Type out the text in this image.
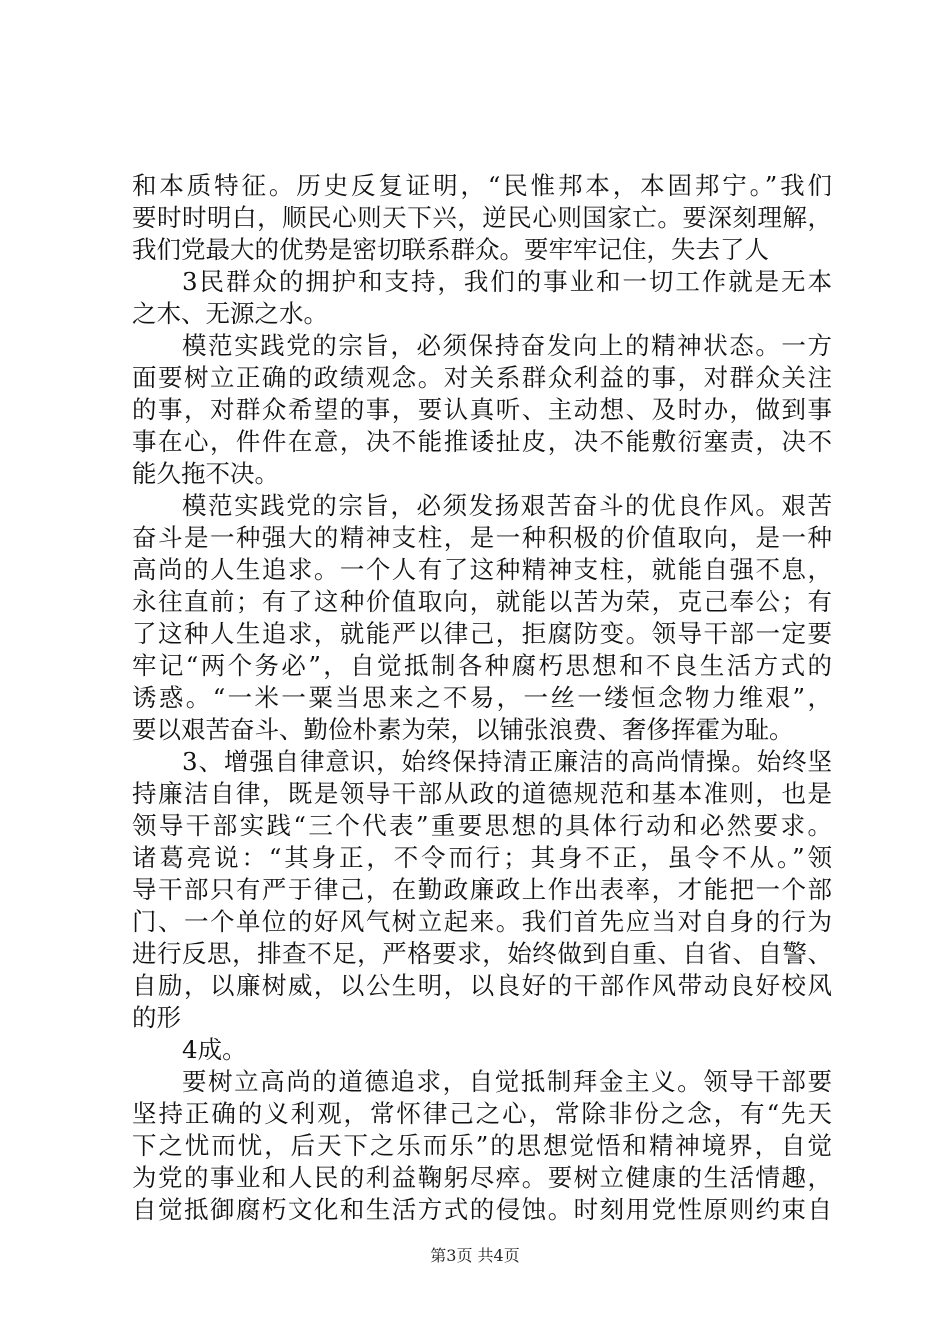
和本质特征。历史反复证明，“民惟邦本，本固邦宁。”我们
要时时明白，顺民心则天下兴，逆民心则国家亡。要深刻理解，
我们党最大的优势是密切联系群众。要牢牢记住，失去了人
3民群众的拥护和支持，我们的事业和一切工作就是无本
之木、无源之水。
模范实践党的宗旨，必须保持奋发向上的精神状态。一方
面要树立正确的政绩观念。对关系群众利益的事，对群众关注
的事，对群众希望的事，要认真听、主动想、及时办，做到事
事在心，件件在意，决不能推诿扯皮，决不能敷衍塞责，决不
能久拖不决。
模范实践党的宗旨，必须发扬艰苦奋斗的优良作风。艰苦
奋斗是一种强大的精神支柱，是一种积极的价值取向，是一种
高尚的人生追求。一个人有了这种精神支柱，就能自强不息，
永往直前；有了这种价值取向，就能以苦为荣，克己奉公；有
了这种人生追求，就能严以律己，拒腐防变。领导干部一定要
牢记“两个务必”，自觉抵制各种腐朽思想和不良生活方式的
诱惑。“一米一粟当思来之不易，一丝一缕恒念物力维艰”，
要以艰苦奋斗、勤俭朴素为荣，以铺张浪费、奢侈挥霍为耻。
3、增强自律意识，始终保持清正廉洁的高尚情操。始终坚
持廉洁自律，既是领导干部从政的道德规范和基本准则，也是
领导干部实践“三个代表”重要思想的具体行动和必然要求。
诸葛亮说：“其身正，不令而行；其身不正，虽令不从。”领
导干部只有严于律己，在勤政廉政上作出表率，才能把一个部
门、一个单位的好风气树立起来。我们首先应当对自身的行为
进行反思，排查不足，严格要求，始终做到自重、自省、自警、
自励，以廉树威，以公生明，以良好的干部作风带动良好校风
的形
4成。
要树立高尚的道德追求，自觉抵制拜金主义。领导干部要
坚持正确的义利观，常怀律己之心，常除非份之念，有“先天
下之忧而忧，后天下之乐而乐”的思想觉悟和精神境界，自觉
为党的事业和人民的利益鞠躬尽瘁。要树立健康的生活情趣，
自觉抵御腐朽文化和生活方式的侵蚀。时刻用党性原则约束自
第3页 共4页
